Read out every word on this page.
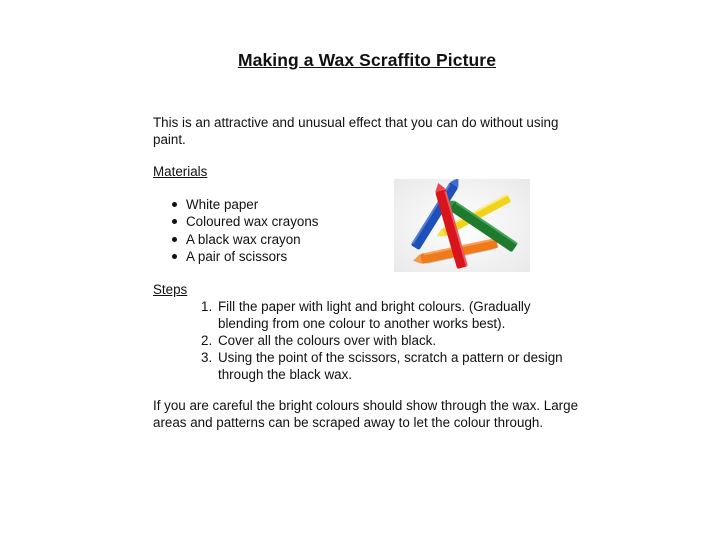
Making a Wax Scraffito Picture
This is an attractive and unusual effect that you can do without using paint.
Materials
White paper
Coloured wax crayons
A black wax crayon
A pair of scissors
Steps
1. Fill the paper with light and bright colours. (Gradually blending from one colour to another works best).
2. Cover all the colours over with black.
3. Using the point of the scissors, scratch a pattern or design through the black wax.
If you are careful the bright colours should show through the wax. Large areas and patterns can be scraped away to let the colour through.
